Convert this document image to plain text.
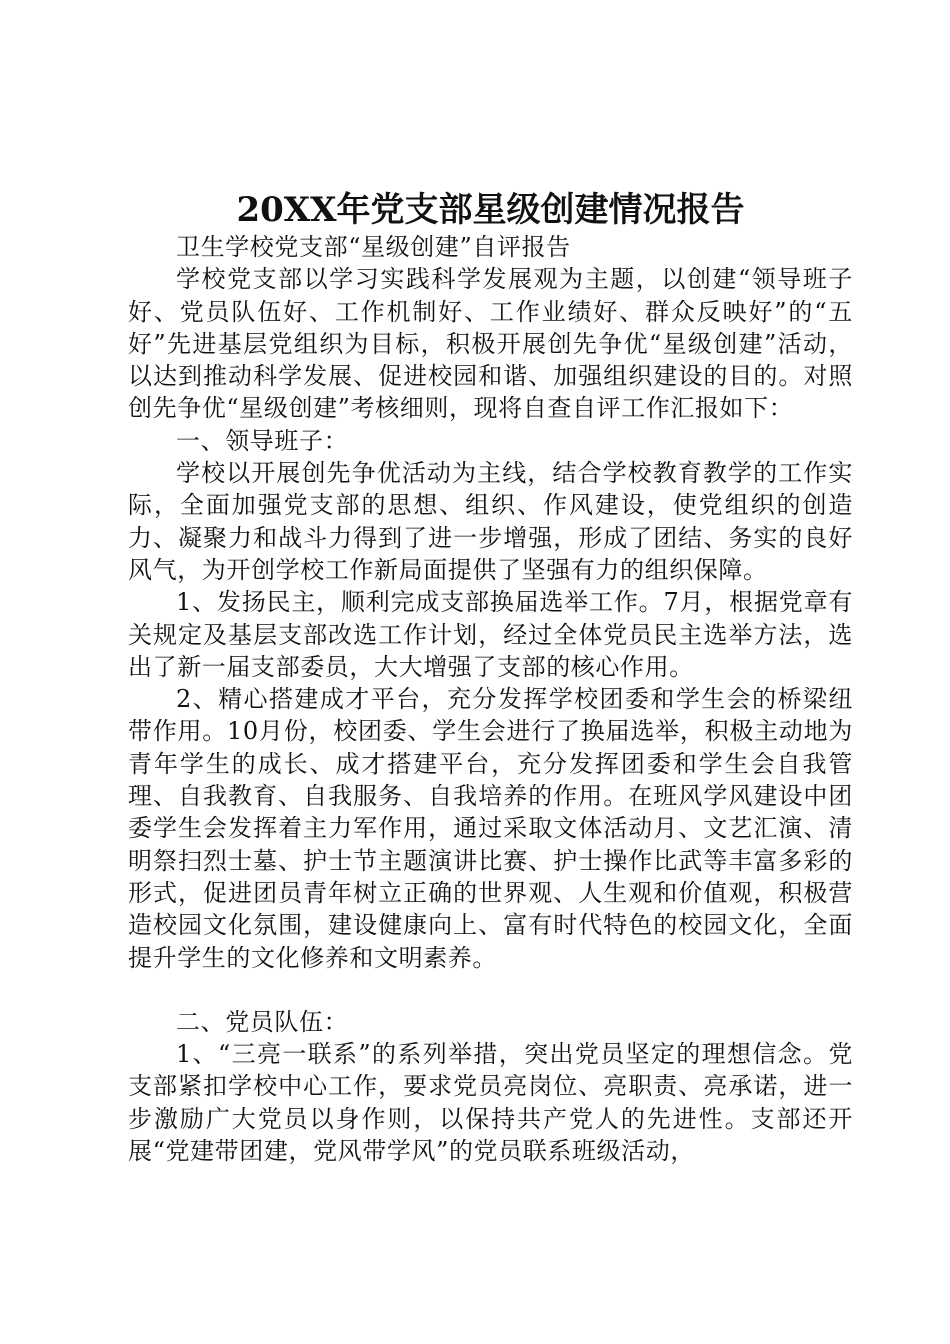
20XX年党支部星级创建情况报告

卫生学校党支部“星级创建”自评报告

学校党支部以学习实践科学发展观为主题，以创建“领导班子好、党员队伍好、工作机制好、工作业绩好、群众反映好”的“五好”先进基层党组织为目标，积极开展创先争优“星级创建”活动，以达到推动科学发展、促进校园和谐、加强组织建设的目的。对照创先争优“星级创建”考核细则，现将自查自评工作汇报如下：

一、领导班子：

学校以开展创先争优活动为主线，结合学校教育教学的工作实际，全面加强党支部的思想、组织、作风建设，使党组织的创造力、凝聚力和战斗力得到了进一步增强，形成了团结、务实的良好风气，为开创学校工作新局面提供了坚强有力的组织保障。

1、发扬民主，顺利完成支部换届选举工作。7月，根据党章有关规定及基层支部改选工作计划，经过全体党员民主选举方法，选出了新一届支部委员，大大增强了支部的核心作用。

2、精心搭建成才平台，充分发挥学校团委和学生会的桥梁纽带作用。10月份，校团委、学生会进行了换届选举，积极主动地为青年学生的成长、成才搭建平台，充分发挥团委和学生会自我管理、自我教育、自我服务、自我培养的作用。在班风学风建设中团委学生会发挥着主力军作用，通过采取文体活动月、文艺汇演、清明祭扫烈士墓、护士节主题演讲比赛、护士操作比武等丰富多彩的形式，促进团员青年树立正确的世界观、人生观和价值观，积极营造校园文化氛围，建设健康向上、富有时代特色的校园文化，全面提升学生的文化修养和文明素养。

二、党员队伍：

1、“三亮一联系”的系列举措，突出党员坚定的理想信念。党支部紧扣学校中心工作，要求党员亮岗位、亮职责、亮承诺，进一步激励广大党员以身作则，以保持共产党人的先进性。支部还开展“党建带团建，党风带学风”的党员联系班级活动，
